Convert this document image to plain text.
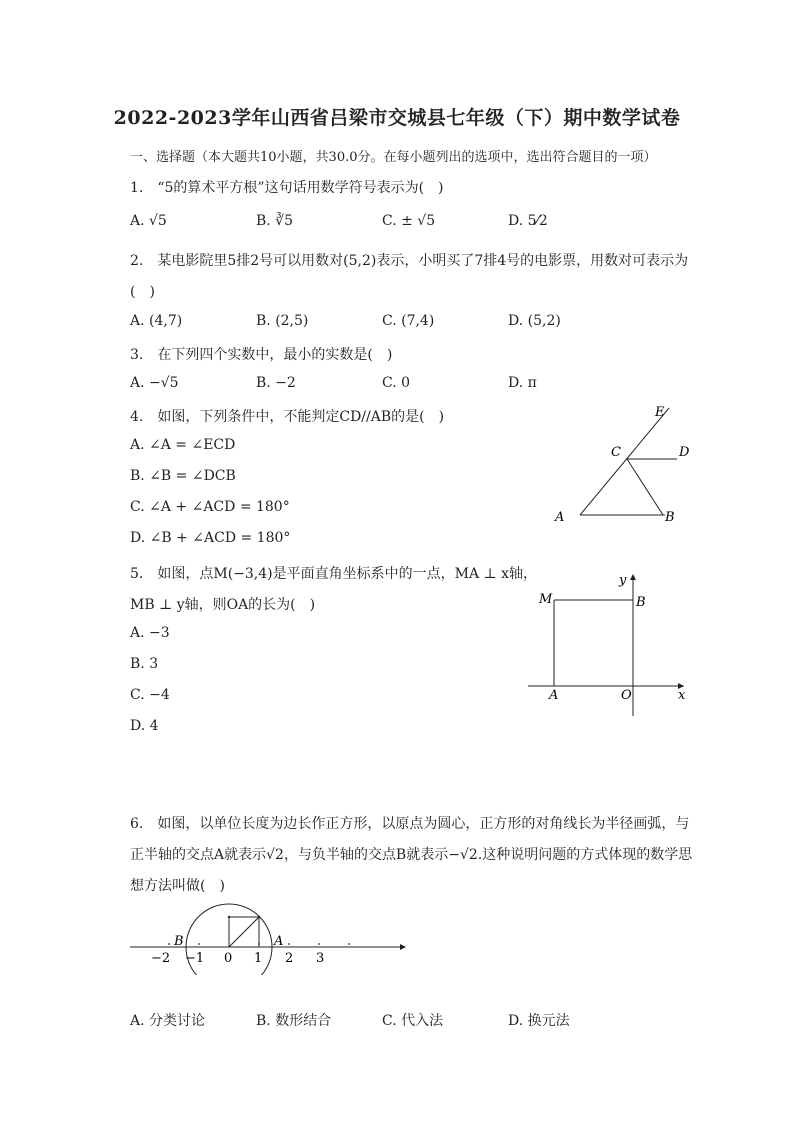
2022-2023学年山西省吕梁市交城县七年级（下）期中数学试卷
一、选择题（本大题共10小题，共30.0分。在每小题列出的选项中，选出符合题目的一项）
1.　“5的算术平方根”这句话用数学符号表示为(　)
A. √5	B. ∛5	C. ± √5	D. 5⁄2
2.　某电影院里5排2号可以用数对(5,2)表示，小明买了7排4号的电影票，用数对可表示为
(　)
A. (4,7)	B. (2,5)	C. (7,4)	D. (5,2)
3.　在下列四个实数中，最小的实数是(　)
A. −√5	B. −2	C. 0	D. π
4.　如图，下列条件中，不能判定CD//AB的是(　)
A. ∠A = ∠ECD
B. ∠B = ∠DCB
C. ∠A + ∠ACD = 180°
D. ∠B + ∠ACD = 180°
E
C	D
A	B
5.　如图，点M(−3,4)是平面直角坐标系中的一点，MA ⊥ x轴，
MB ⊥ y轴，则OA的长为(　)
A. −3
B. 3
C. −4
D. 4
y
x
M	B
A	O
6.　如图，以单位长度为边长作正方形，以原点为圆心，正方形的对角线长为半径画弧，与
正半轴的交点A就表示√2，与负半轴的交点B就表示−√2.这种说明问题的方式体现的数学思
想方法叫做(　)
B	A
−2 −1 0 1 2 3
A. 分类讨论	B. 数形结合	C. 代入法	D. 换元法
